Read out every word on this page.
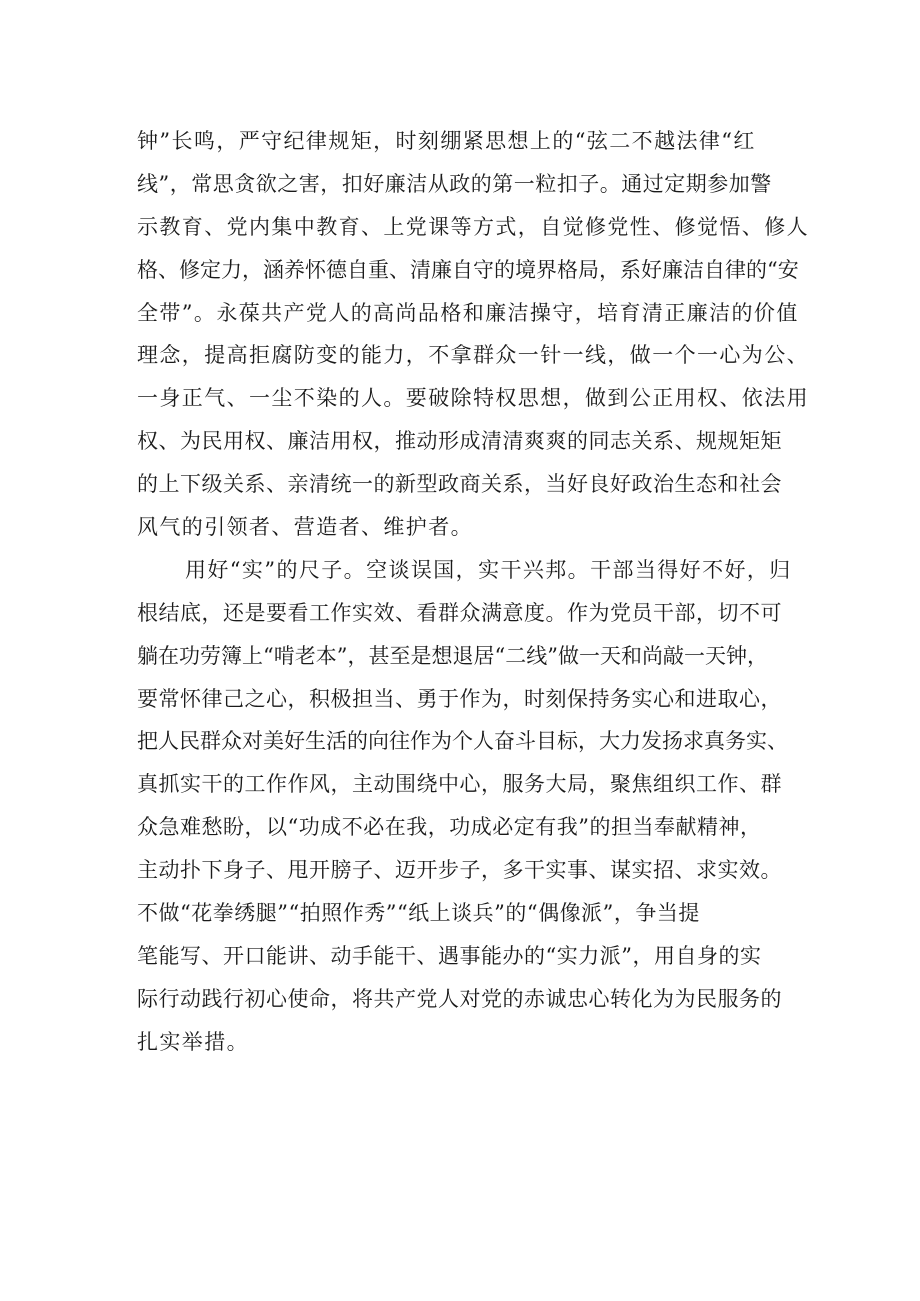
钟”长鸣，严守纪律规矩，时刻绷紧思想上的“弦二不越法律“红
线”，常思贪欲之害，扣好廉洁从政的第一粒扣子。通过定期参加警
示教育、党内集中教育、上党课等方式，自觉修党性、修觉悟、修人
格、修定力，涵养怀德自重、清廉自守的境界格局，系好廉洁自律的“安
全带”。永葆共产党人的高尚品格和廉洁操守，培育清正廉洁的价值
理念，提高拒腐防变的能力，不拿群众一针一线，做一个一心为公、
一身正气、一尘不染的人。要破除特权思想，做到公正用权、依法用
权、为民用权、廉洁用权，推动形成清清爽爽的同志关系、规规矩矩
的上下级关系、亲清统一的新型政商关系，当好良好政治生态和社会
风气的引领者、营造者、维护者。
用好“实”的尺子。空谈误国，实干兴邦。干部当得好不好，归
根结底，还是要看工作实效、看群众满意度。作为党员干部，切不可
躺在功劳簿上“啃老本”，甚至是想退居“二线”做一天和尚敲一天钟，
要常怀律己之心，积极担当、勇于作为，时刻保持务实心和进取心，
把人民群众对美好生活的向往作为个人奋斗目标，大力发扬求真务实、
真抓实干的工作作风，主动围绕中心，服务大局，聚焦组织工作、群
众急难愁盼，以“功成不必在我，功成必定有我”的担当奉献精神，
主动扑下身子、甩开膀子、迈开步子，多干实事、谋实招、求实效。
不做“花拳绣腿”“拍照作秀”“纸上谈兵”的“偶像派”，争当提
笔能写、开口能讲、动手能干、遇事能办的“实力派”，用自身的实
际行动践行初心使命，将共产党人对党的赤诚忠心转化为为民服务的
扎实举措。
